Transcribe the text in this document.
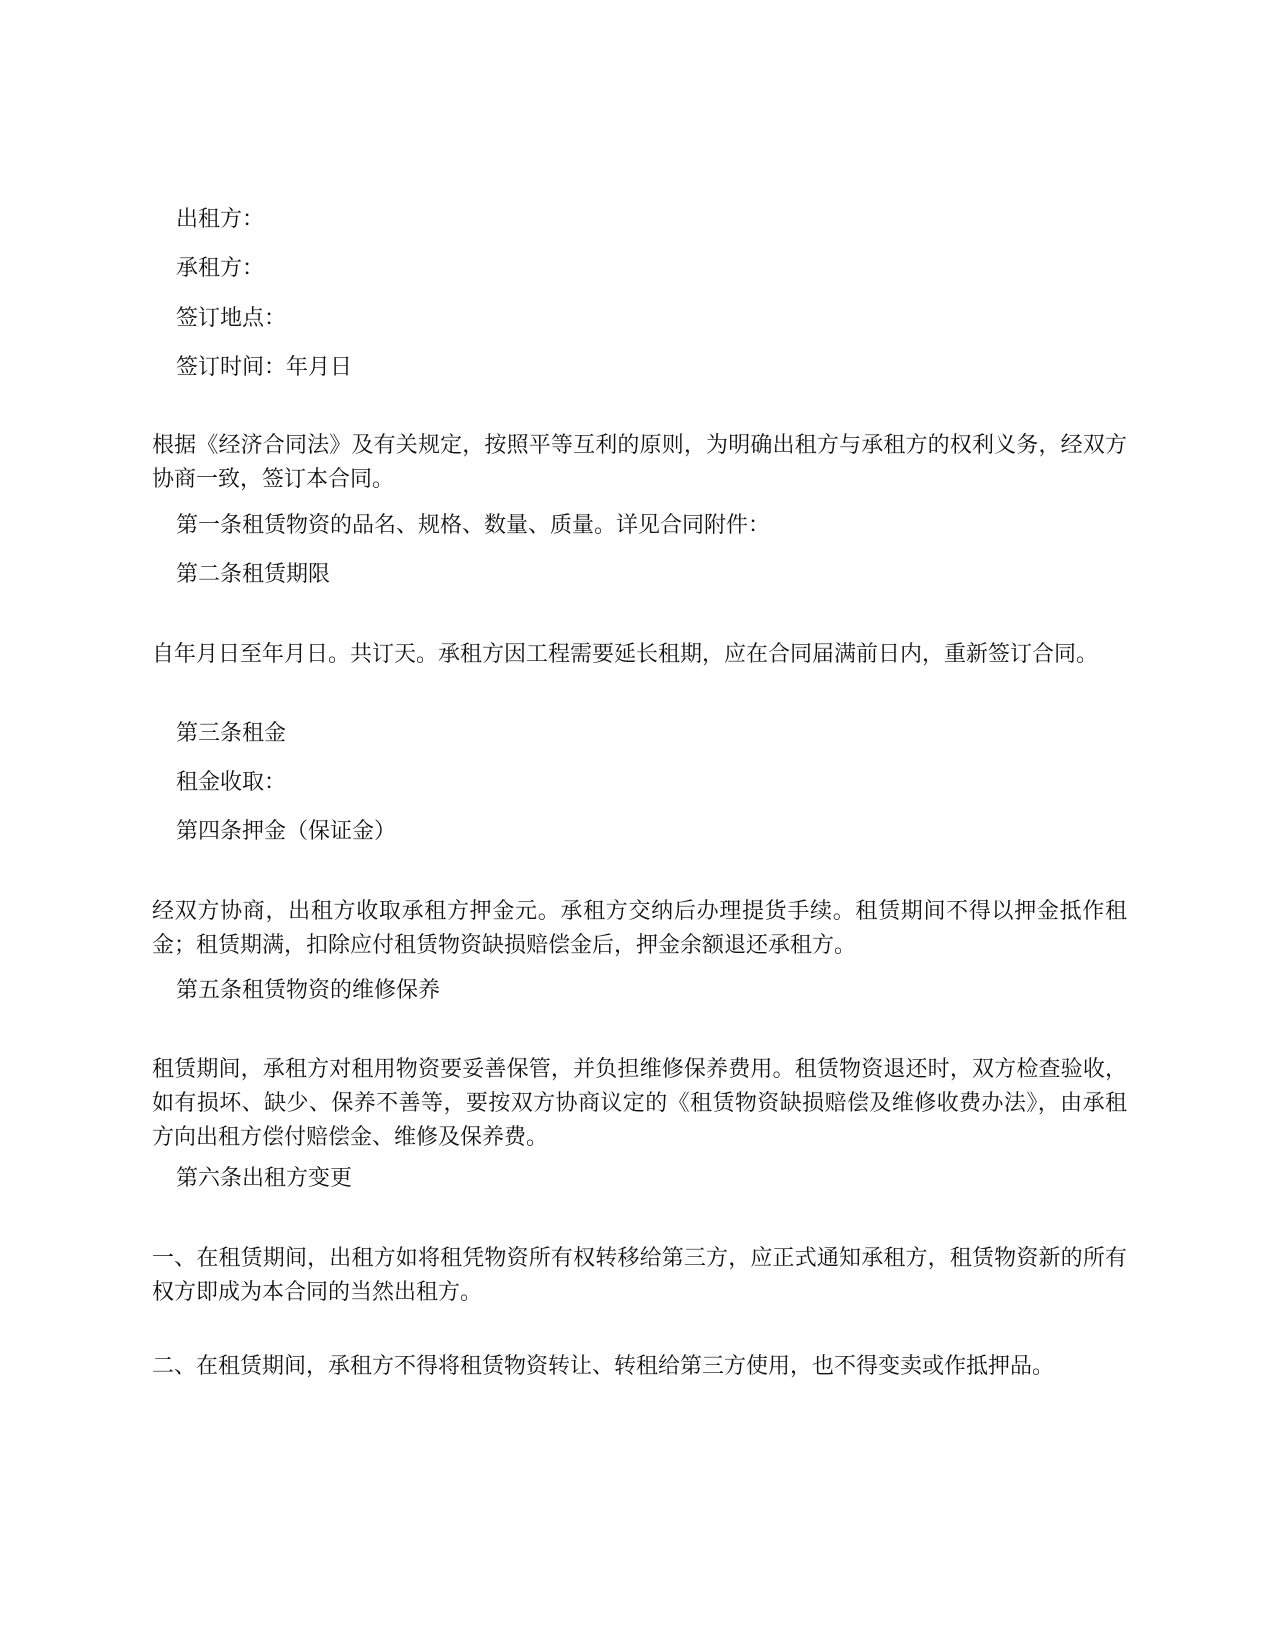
出租方：
承租方：
签订地点：
签订时间：年月日
根据《经济合同法》及有关规定，按照平等互利的原则，为明确出租方与承租方的权利义务，经双方协商一致，签订本合同。
第一条租赁物资的品名、规格、数量、质量。详见合同附件：
第二条租赁期限
自年月日至年月日。共订天。承租方因工程需要延长租期，应在合同届满前日内，重新签订合同。
第三条租金
租金收取：
第四条押金（保证金）
经双方协商，出租方收取承租方押金元。承租方交纳后办理提货手续。租赁期间不得以押金抵作租金；租赁期满，扣除应付租赁物资缺损赔偿金后，押金余额退还承租方。
第五条租赁物资的维修保养
租赁期间，承租方对租用物资要妥善保管，并负担维修保养费用。租赁物资退还时，双方检查验收，如有损坏、缺少、保养不善等，要按双方协商议定的《租赁物资缺损赔偿及维修收费办法》，由承租方向出租方偿付赔偿金、维修及保养费。
第六条出租方变更
一、在租赁期间，出租方如将租凭物资所有权转移给第三方，应正式通知承租方，租赁物资新的所有权方即成为本合同的当然出租方。
二、在租赁期间，承租方不得将租赁物资转让、转租给第三方使用，也不得变卖或作抵押品。
